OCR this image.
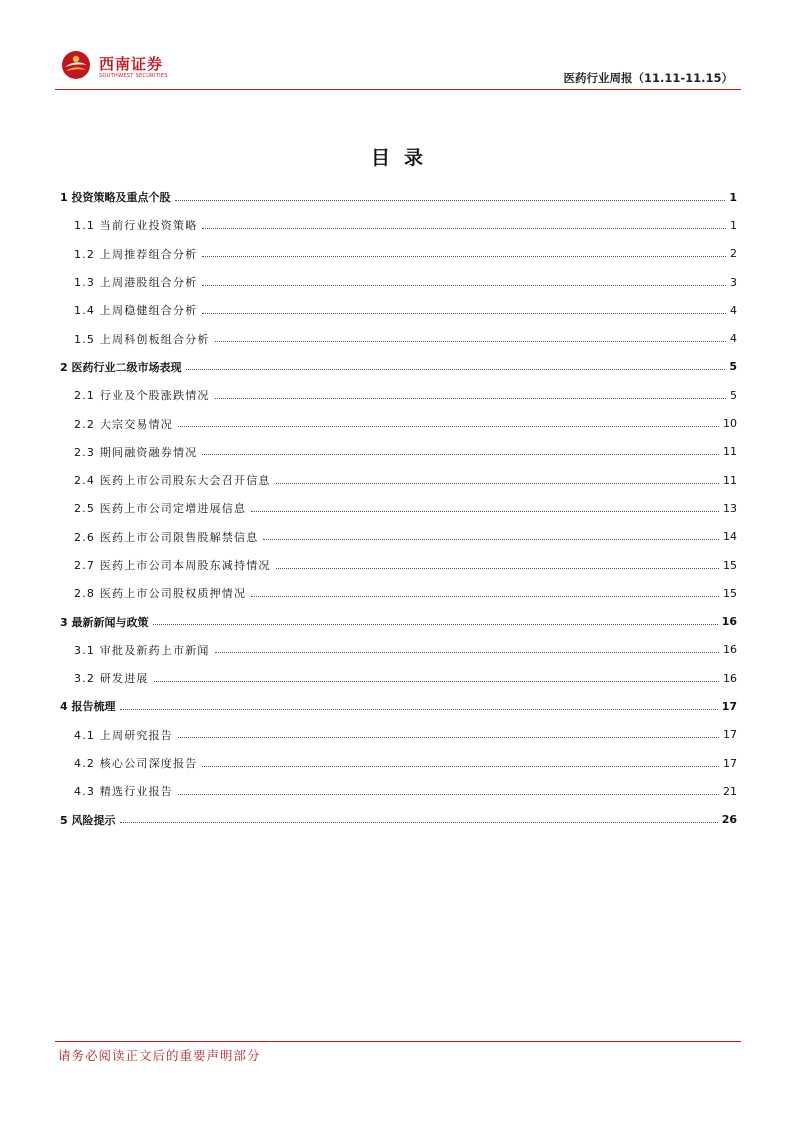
西南证券
SOUTHWEST SECURITIES	医药行业周报（11.11-11.15）
目录
1 投资策略及重点个股	1
1.1 当前行业投资策略	1
1.2 上周推荐组合分析	2
1.3 上周港股组合分析	3
1.4 上周稳健组合分析	4
1.5 上周科创板组合分析	4
2 医药行业二级市场表现	5
2.1 行业及个股涨跌情况	5
2.2 大宗交易情况	10
2.3 期间融资融券情况	11
2.4 医药上市公司股东大会召开信息	11
2.5 医药上市公司定增进展信息	13
2.6 医药上市公司限售股解禁信息	14
2.7 医药上市公司本周股东减持情况	15
2.8 医药上市公司股权质押情况	15
3 最新新闻与政策	16
3.1 审批及新药上市新闻	16
3.2 研发进展	16
4 报告梳理	17
4.1 上周研究报告	17
4.2 核心公司深度报告	17
4.3 精选行业报告	21
5 风险提示	26
请务必阅读正文后的重要声明部分
